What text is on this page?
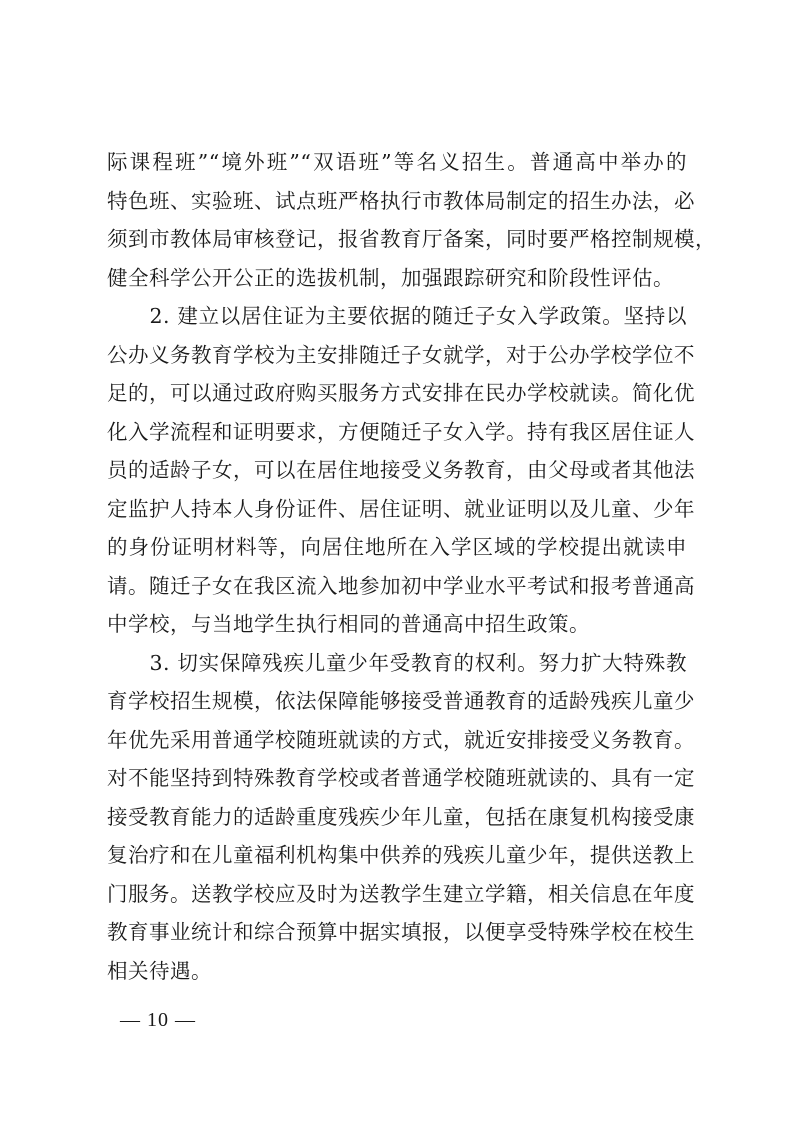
际课程班”“境外班”“双语班”等名义招生。普通高中举办的
特色班、实验班、试点班严格执行市教体局制定的招生办法，必
须到市教体局审核登记，报省教育厅备案，同时要严格控制规模，
健全科学公开公正的选拔机制，加强跟踪研究和阶段性评估。
　　2. 建立以居住证为主要依据的随迁子女入学政策。坚持以
公办义务教育学校为主安排随迁子女就学，对于公办学校学位不
足的，可以通过政府购买服务方式安排在民办学校就读。简化优
化入学流程和证明要求，方便随迁子女入学。持有我区居住证人
员的适龄子女，可以在居住地接受义务教育，由父母或者其他法
定监护人持本人身份证件、居住证明、就业证明以及儿童、少年
的身份证明材料等，向居住地所在入学区域的学校提出就读申
请。随迁子女在我区流入地参加初中学业水平考试和报考普通高
中学校，与当地学生执行相同的普通高中招生政策。
　　3. 切实保障残疾儿童少年受教育的权利。努力扩大特殊教
育学校招生规模，依法保障能够接受普通教育的适龄残疾儿童少
年优先采用普通学校随班就读的方式，就近安排接受义务教育。
对不能坚持到特殊教育学校或者普通学校随班就读的、具有一定
接受教育能力的适龄重度残疾少年儿童，包括在康复机构接受康
复治疗和在儿童福利机构集中供养的残疾儿童少年，提供送教上
门服务。送教学校应及时为送教学生建立学籍，相关信息在年度
教育事业统计和综合预算中据实填报，以便享受特殊学校在校生
相关待遇。
— 10 —
